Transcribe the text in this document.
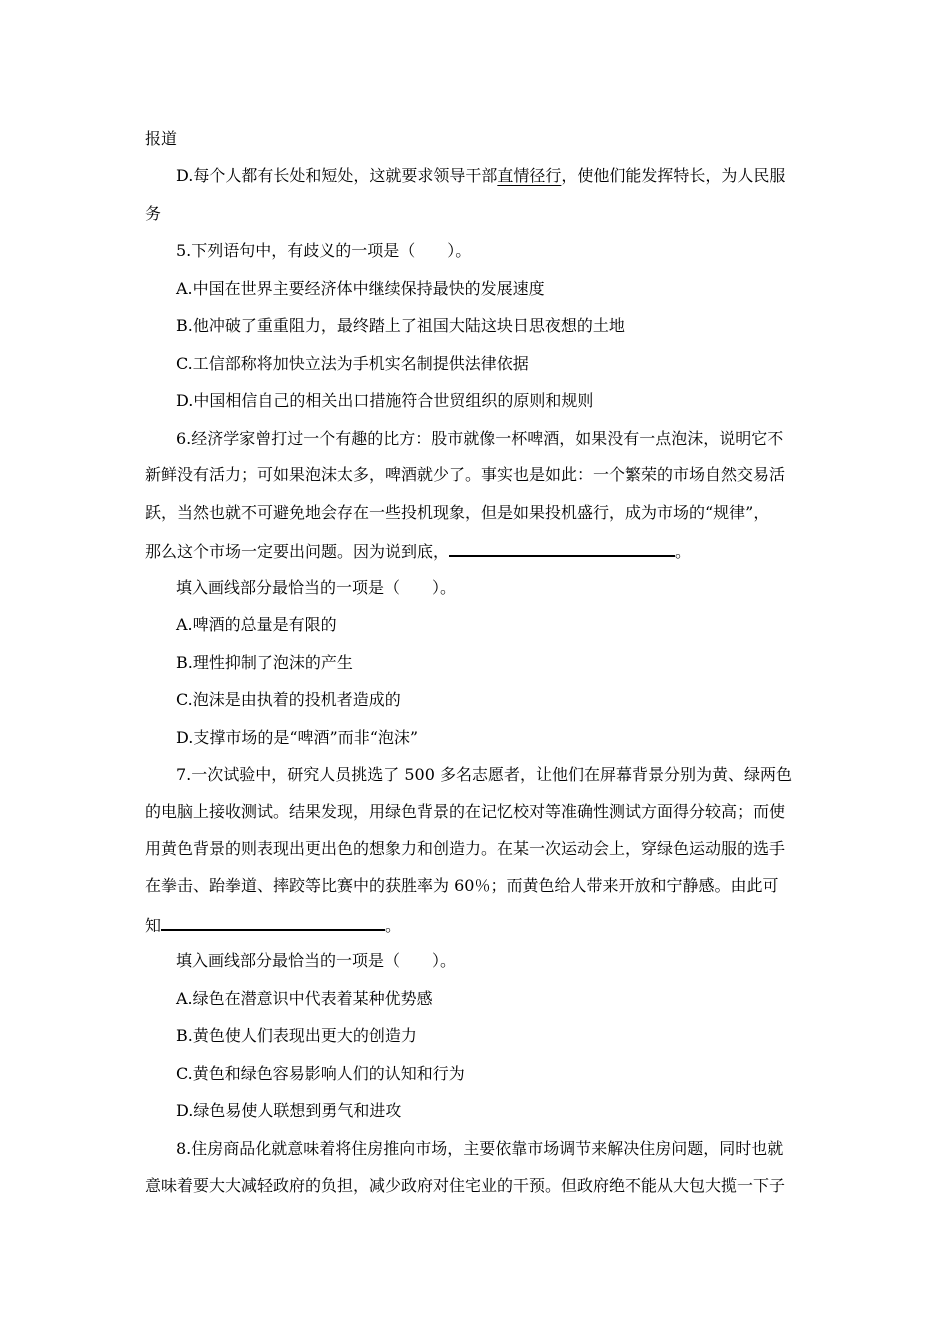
报道
D.每个人都有长处和短处，这就要求领导干部直情径行，使他们能发挥特长，为人民服
务
5.下列语句中，有歧义的一项是（　　）。
A.中国在世界主要经济体中继续保持最快的发展速度
B.他冲破了重重阻力，最终踏上了祖国大陆这块日思夜想的土地
C.工信部称将加快立法为手机实名制提供法律依据
D.中国相信自己的相关出口措施符合世贸组织的原则和规则
6.经济学家曾打过一个有趣的比方：股市就像一杯啤酒，如果没有一点泡沫，说明它不
新鲜没有活力；可如果泡沫太多，啤酒就少了。事实也是如此：一个繁荣的市场自然交易活
跃，当然也就不可避免地会存在一些投机现象，但是如果投机盛行，成为市场的“规律”，
那么这个市场一定要出问题。因为说到底，	。
填入画线部分最恰当的一项是（　　）。
A.啤酒的总量是有限的
B.理性抑制了泡沫的产生
C.泡沫是由执着的投机者造成的
D.支撑市场的是“啤酒”而非“泡沫”
7.一次试验中，研究人员挑选了 500 多名志愿者，让他们在屏幕背景分别为黄、绿两色
的电脑上接收测试。结果发现，用绿色背景的在记忆校对等准确性测试方面得分较高；而使
用黄色背景的则表现出更出色的想象力和创造力。在某一次运动会上，穿绿色运动服的选手
在拳击、跆拳道、摔跤等比赛中的获胜率为 60％；而黄色给人带来开放和宁静感。由此可
知	。
填入画线部分最恰当的一项是（　　）。
A.绿色在潜意识中代表着某种优势感
B.黄色使人们表现出更大的创造力
C.黄色和绿色容易影响人们的认知和行为
D.绿色易使人联想到勇气和进攻
8.住房商品化就意味着将住房推向市场，主要依靠市场调节来解决住房问题，同时也就
意味着要大大减轻政府的负担，减少政府对住宅业的干预。但政府绝不能从大包大揽一下子
